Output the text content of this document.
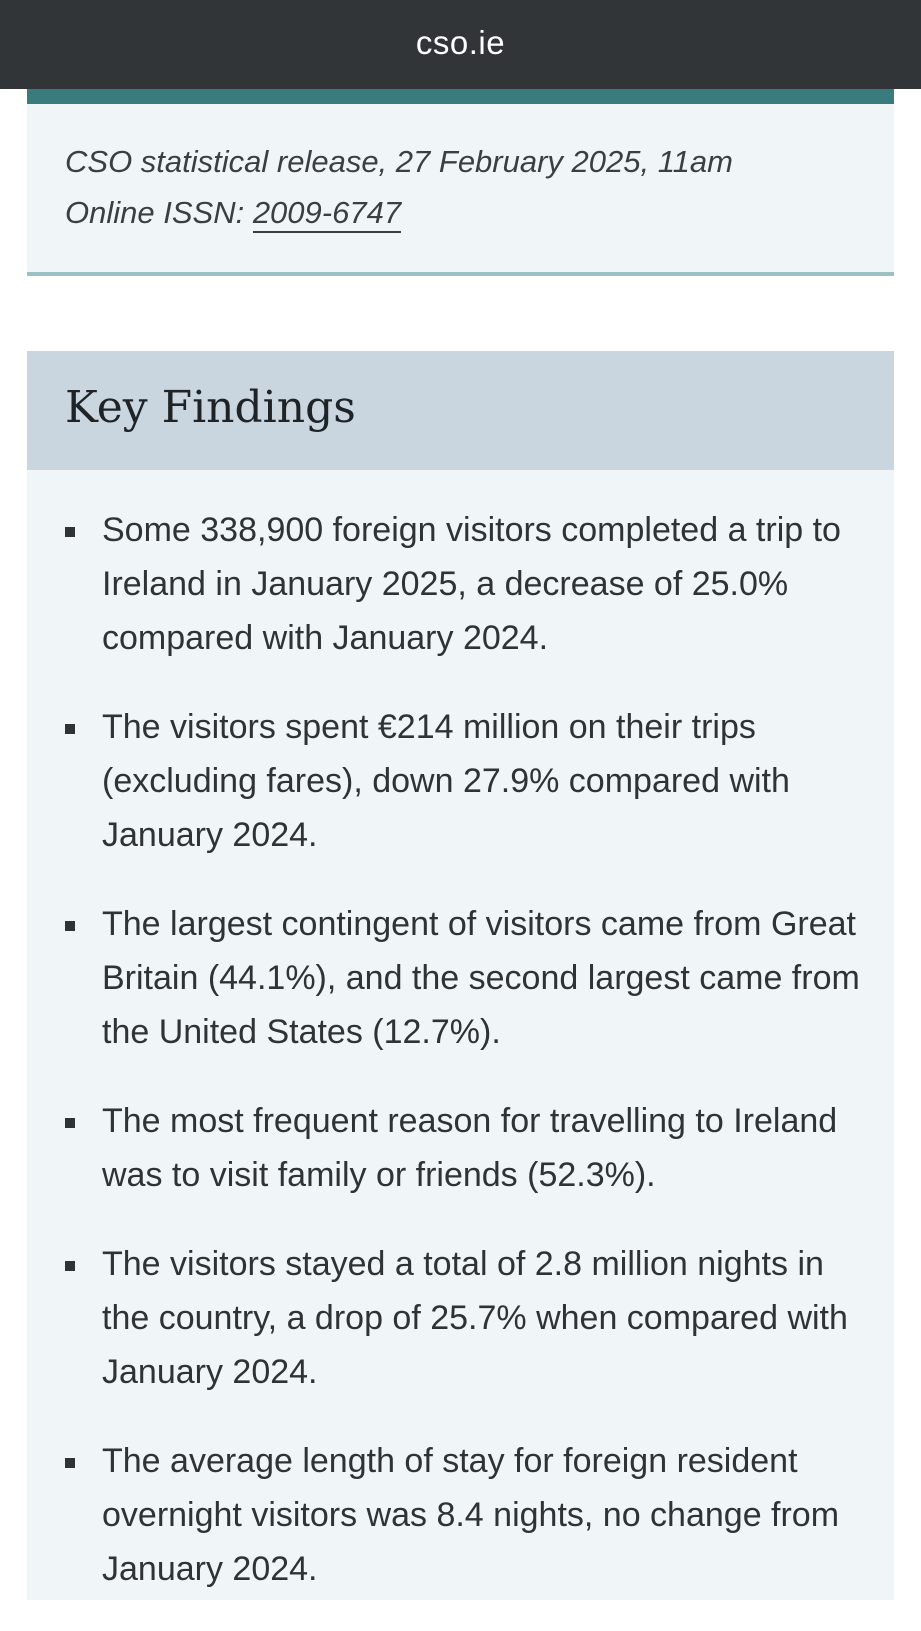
cso.ie
CSO statistical release, 27 February 2025, 11am
Online ISSN: 2009-6747
Key Findings
Some 338,900 foreign visitors completed a trip to Ireland in January 2025, a decrease of 25.0% compared with January 2024.
The visitors spent €214 million on their trips (excluding fares), down 27.9% compared with January 2024.
The largest contingent of visitors came from Great Britain (44.1%), and the second largest came from the United States (12.7%).
The most frequent reason for travelling to Ireland was to visit family or friends (52.3%).
The visitors stayed a total of 2.8 million nights in the country, a drop of 25.7% when compared with January 2024.
The average length of stay for foreign resident overnight visitors was 8.4 nights, no change from January 2024.
